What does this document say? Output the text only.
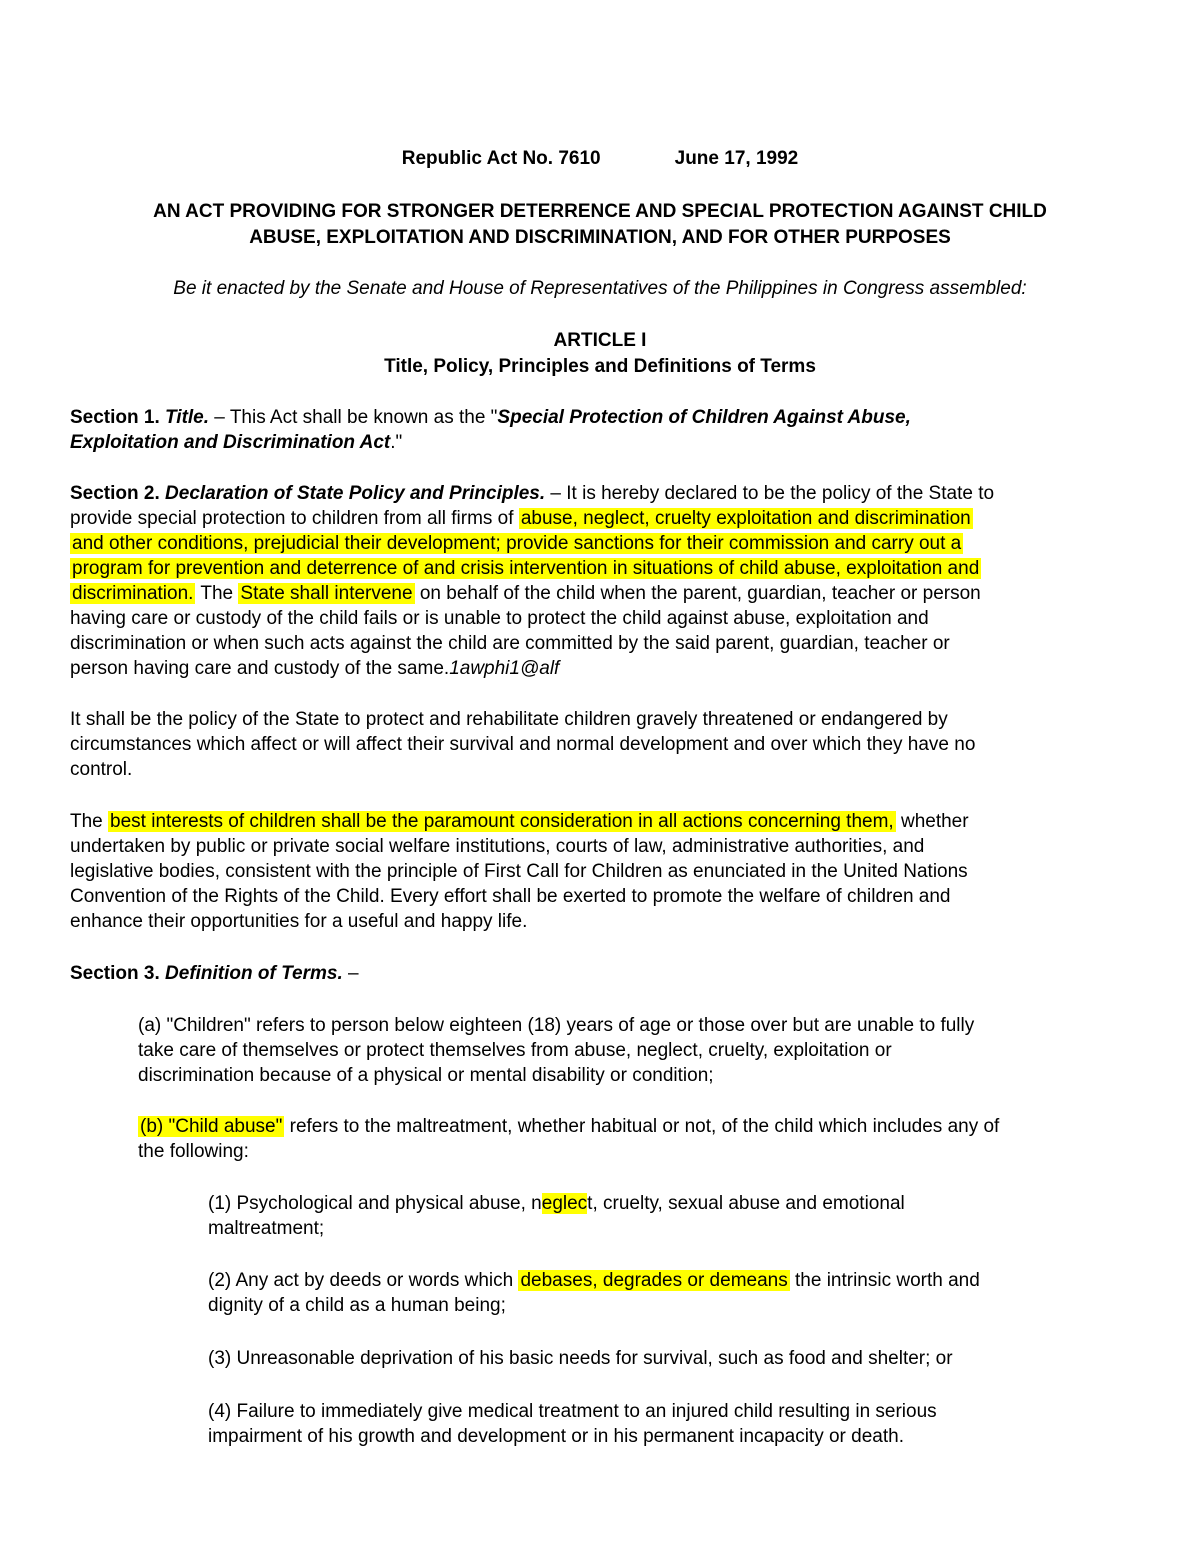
Republic Act No. 7610	June 17, 1992
AN ACT PROVIDING FOR STRONGER DETERRENCE AND SPECIAL PROTECTION AGAINST CHILD
ABUSE, EXPLOITATION AND DISCRIMINATION, AND FOR OTHER PURPOSES
Be it enacted by the Senate and House of Representatives of the Philippines in Congress assembled:
ARTICLE I
Title, Policy, Principles and Definitions of Terms
Section 1. Title. – This Act shall be known as the "Special Protection of Children Against Abuse,
Exploitation and Discrimination Act."
Section 2. Declaration of State Policy and Principles. – It is hereby declared to be the policy of the State to
provide special protection to children from all firms of abuse, neglect, cruelty exploitation and discrimination
and other conditions, prejudicial their development; provide sanctions for their commission and carry out a
program for prevention and deterrence of and crisis intervention in situations of child abuse, exploitation and
discrimination. The State shall intervene on behalf of the child when the parent, guardian, teacher or person
having care or custody of the child fails or is unable to protect the child against abuse, exploitation and
discrimination or when such acts against the child are committed by the said parent, guardian, teacher or
person having care and custody of the same.1awphi1@alf
It shall be the policy of the State to protect and rehabilitate children gravely threatened or endangered by
circumstances which affect or will affect their survival and normal development and over which they have no
control.
The best interests of children shall be the paramount consideration in all actions concerning them, whether
undertaken by public or private social welfare institutions, courts of law, administrative authorities, and
legislative bodies, consistent with the principle of First Call for Children as enunciated in the United Nations
Convention of the Rights of the Child. Every effort shall be exerted to promote the welfare of children and
enhance their opportunities for a useful and happy life.
Section 3. Definition of Terms. –
(a) "Children" refers to person below eighteen (18) years of age or those over but are unable to fully
take care of themselves or protect themselves from abuse, neglect, cruelty, exploitation or
discrimination because of a physical or mental disability or condition;
(b) "Child abuse" refers to the maltreatment, whether habitual or not, of the child which includes any of
the following:
(1) Psychological and physical abuse, neglect, cruelty, sexual abuse and emotional
maltreatment;
(2) Any act by deeds or words which debases, degrades or demeans the intrinsic worth and
dignity of a child as a human being;
(3) Unreasonable deprivation of his basic needs for survival, such as food and shelter; or
(4) Failure to immediately give medical treatment to an injured child resulting in serious
impairment of his growth and development or in his permanent incapacity or death.
